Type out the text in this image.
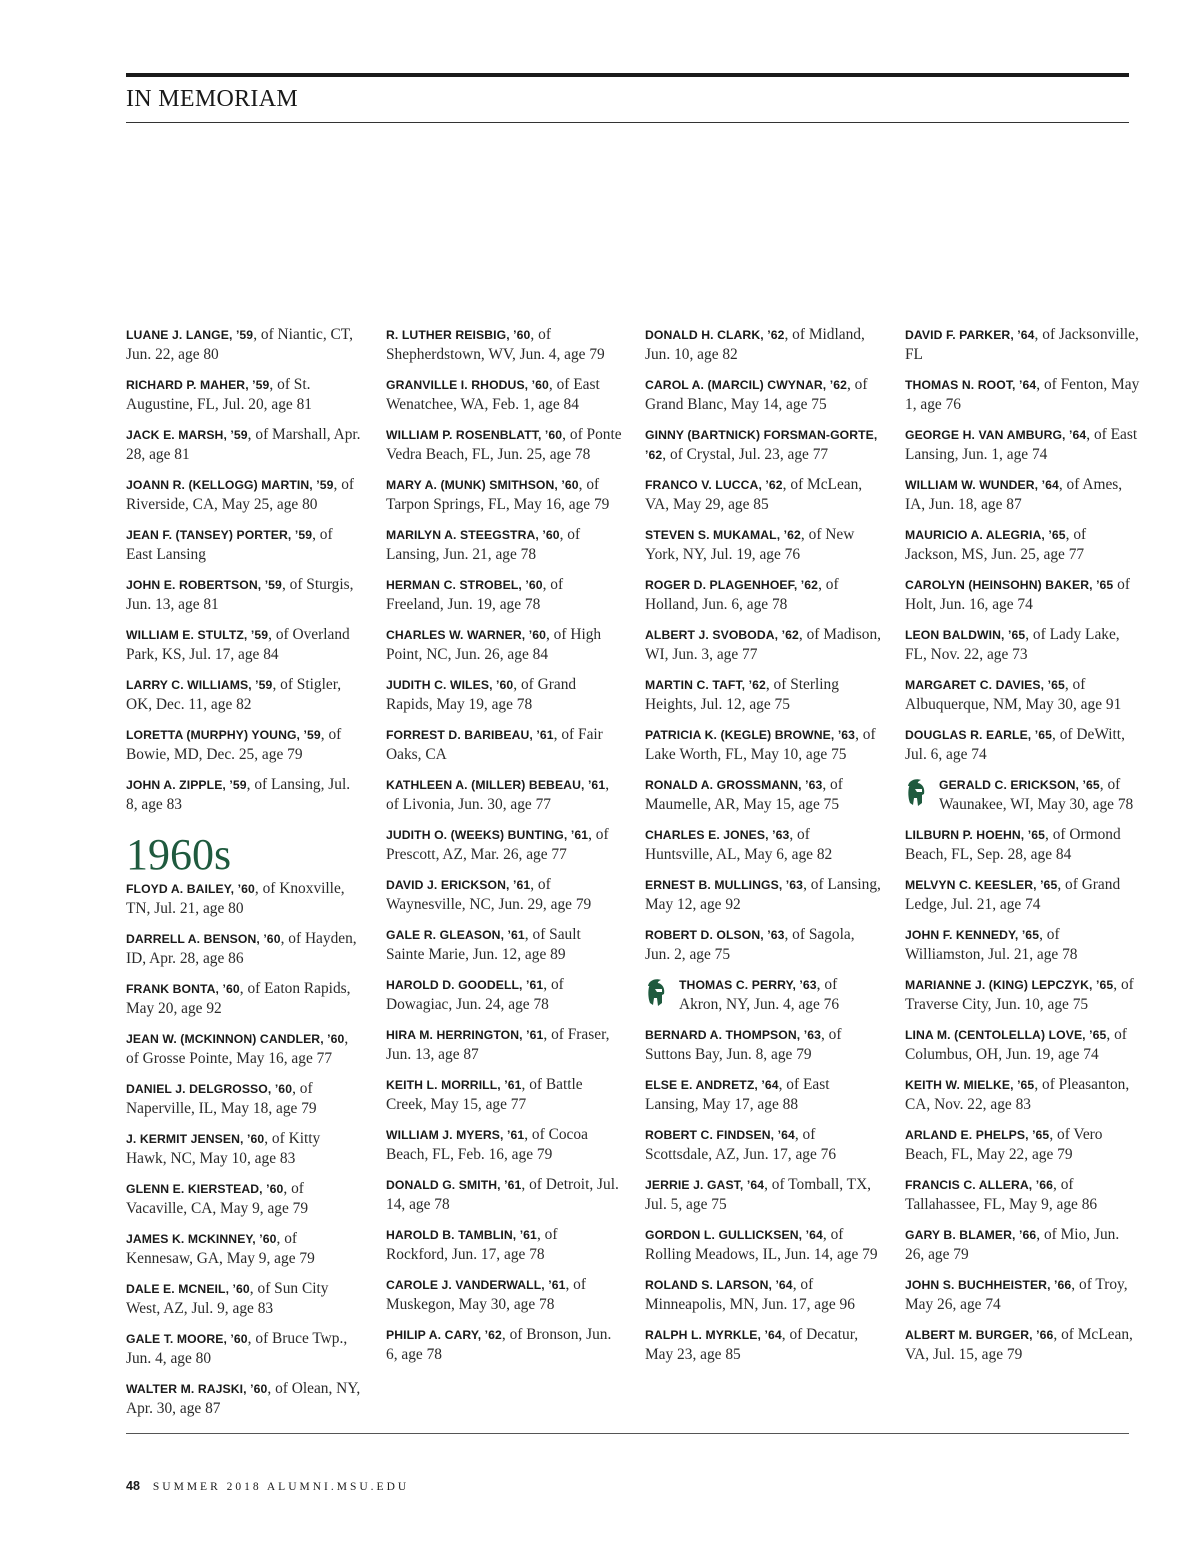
IN MEMORIAM

LUANE J. LANGE, ’59, of Niantic, CT, Jun. 22, age 80

RICHARD P. MAHER, ’59, of St. Augustine, FL, Jul. 20, age 81

JACK E. MARSH, ’59, of Marshall, Apr. 28, age 81

JOANN R. (KELLOGG) MARTIN, ’59, of Riverside, CA, May 25, age 80

JEAN F. (TANSEY) PORTER, ’59, of East Lansing

JOHN E. ROBERTSON, ’59, of Sturgis, Jun. 13, age 81

WILLIAM E. STULTZ, ’59, of Overland Park, KS, Jul. 17, age 84

LARRY C. WILLIAMS, ’59, of Stigler, OK, Dec. 11, age 82

LORETTA (MURPHY) YOUNG, ’59, of Bowie, MD, Dec. 25, age 79

JOHN A. ZIPPLE, ’59, of Lansing, Jul. 8, age 83

1960s

FLOYD A. BAILEY, ’60, of Knoxville, TN, Jul. 21, age 80

DARRELL A. BENSON, ’60, of Hayden, ID, Apr. 28, age 86

FRANK BONTA, ’60, of Eaton Rapids, May 20, age 92

JEAN W. (MCKINNON) CANDLER, ’60, of Grosse Pointe, May 16, age 77

DANIEL J. DELGROSSO, ’60, of Naperville, IL, May 18, age 79

J. KERMIT JENSEN, ’60, of Kitty Hawk, NC, May 10, age 83

GLENN E. KIERSTEAD, ’60, of Vacaville, CA, May 9, age 79

JAMES K. MCKINNEY, ’60, of Kennesaw, GA, May 9, age 79

DALE E. MCNEIL, ’60, of Sun City West, AZ, Jul. 9, age 83

GALE T. MOORE, ’60, of Bruce Twp., Jun. 4, age 80

WALTER M. RAJSKI, ’60, of Olean, NY, Apr. 30, age 87

R. LUTHER REISBIG, ’60, of Shepherdstown, WV, Jun. 4, age 79

GRANVILLE I. RHODUS, ’60, of East Wenatchee, WA, Feb. 1, age 84

WILLIAM P. ROSENBLATT, ’60, of Ponte Vedra Beach, FL, Jun. 25, age 78

MARY A. (MUNK) SMITHSON, ’60, of Tarpon Springs, FL, May 16, age 79

MARILYN A. STEEGSTRA, ’60, of Lansing, Jun. 21, age 78

HERMAN C. STROBEL, ’60, of Freeland, Jun. 19, age 78

CHARLES W. WARNER, ’60, of High Point, NC, Jun. 26, age 84

JUDITH C. WILES, ’60, of Grand Rapids, May 19, age 78

FORREST D. BARIBEAU, ’61, of Fair Oaks, CA

KATHLEEN A. (MILLER) BEBEAU, ’61, of Livonia, Jun. 30, age 77

JUDITH O. (WEEKS) BUNTING, ’61, of Prescott, AZ, Mar. 26, age 77

DAVID J. ERICKSON, ’61, of Waynesville, NC, Jun. 29, age 79

GALE R. GLEASON, ’61, of Sault Sainte Marie, Jun. 12, age 89

HAROLD D. GOODELL, ’61, of Dowagiac, Jun. 24, age 78

HIRA M. HERRINGTON, ’61, of Fraser, Jun. 13, age 87

KEITH L. MORRILL, ’61, of Battle Creek, May 15, age 77

WILLIAM J. MYERS, ’61, of Cocoa Beach, FL, Feb. 16, age 79

DONALD G. SMITH, ’61, of Detroit, Jul. 14, age 78

HAROLD B. TAMBLIN, ’61, of Rockford, Jun. 17, age 78

CAROLE J. VANDERWALL, ’61, of Muskegon, May 30, age 78

PHILIP A. CARY, ’62, of Bronson, Jun. 6, age 78

DONALD H. CLARK, ’62, of Midland, Jun. 10, age 82

CAROL A. (MARCIL) CWYNAR, ’62, of Grand Blanc, May 14, age 75

GINNY (BARTNICK) FORSMAN-GORTE, ’62, of Crystal, Jul. 23, age 77

FRANCO V. LUCCA, ’62, of McLean, VA, May 29, age 85

STEVEN S. MUKAMAL, ’62, of New York, NY, Jul. 19, age 76

ROGER D. PLAGENHOEF, ’62, of Holland, Jun. 6, age 78

ALBERT J. SVOBODA, ’62, of Madison, WI, Jun. 3, age 77

MARTIN C. TAFT, ’62, of Sterling Heights, Jul. 12, age 75

PATRICIA K. (KEGLE) BROWNE, ’63, of Lake Worth, FL, May 10, age 75

RONALD A. GROSSMANN, ’63, of Maumelle, AR, May 15, age 75

CHARLES E. JONES, ’63, of Huntsville, AL, May 6, age 82

ERNEST B. MULLINGS, ’63, of Lansing, May 12, age 92

ROBERT D. OLSON, ’63, of Sagola, Jun. 2, age 75

THOMAS C. PERRY, ’63, of Akron, NY, Jun. 4, age 76

BERNARD A. THOMPSON, ’63, of Suttons Bay, Jun. 8, age 79

ELSE E. ANDRETZ, ’64, of East Lansing, May 17, age 88

ROBERT C. FINDSEN, ’64, of Scottsdale, AZ, Jun. 17, age 76

JERRIE J. GAST, ’64, of Tomball, TX, Jul. 5, age 75

GORDON L. GULLICKSEN, ’64, of Rolling Meadows, IL, Jun. 14, age 79

ROLAND S. LARSON, ’64, of Minneapolis, MN, Jun. 17, age 96

RALPH L. MYRKLE, ’64, of Decatur, May 23, age 85

DAVID F. PARKER, ’64, of Jacksonville, FL

THOMAS N. ROOT, ’64, of Fenton, May 1, age 76

GEORGE H. VAN AMBURG, ’64, of East Lansing, Jun. 1, age 74

WILLIAM W. WUNDER, ’64, of Ames, IA, Jun. 18, age 87

MAURICIO A. ALEGRIA, ’65, of Jackson, MS, Jun. 25, age 77

CAROLYN (HEINSOHN) BAKER, ’65 of Holt, Jun. 16, age 74

LEON BALDWIN, ’65, of Lady Lake, FL, Nov. 22, age 73

MARGARET C. DAVIES, ’65, of Albuquerque, NM, May 30, age 91

DOUGLAS R. EARLE, ’65, of DeWitt, Jul. 6, age 74

GERALD C. ERICKSON, ’65, of Waunakee, WI, May 30, age 78

LILBURN P. HOEHN, ’65, of Ormond Beach, FL, Sep. 28, age 84

MELVYN C. KEESLER, ’65, of Grand Ledge, Jul. 21, age 74

JOHN F. KENNEDY, ’65, of Williamston, Jul. 21, age 78

MARIANNE J. (KING) LEPCZYK, ’65, of Traverse City, Jun. 10, age 75

LINA M. (CENTOLELLA) LOVE, ’65, of Columbus, OH, Jun. 19, age 74

KEITH W. MIELKE, ’65, of Pleasanton, CA, Nov. 22, age 83

ARLAND E. PHELPS, ’65, of Vero Beach, FL, May 22, age 79

FRANCIS C. ALLERA, ’66, of Tallahassee, FL, May 9, age 86

GARY B. BLAMER, ’66, of Mio, Jun. 26, age 79

JOHN S. BUCHHEISTER, ’66, of Troy, May 26, age 74

ALBERT M. BURGER, ’66, of McLean, VA, Jul. 15, age 79

48 SUMMER 2018 ALUMNI.MSU.EDU
